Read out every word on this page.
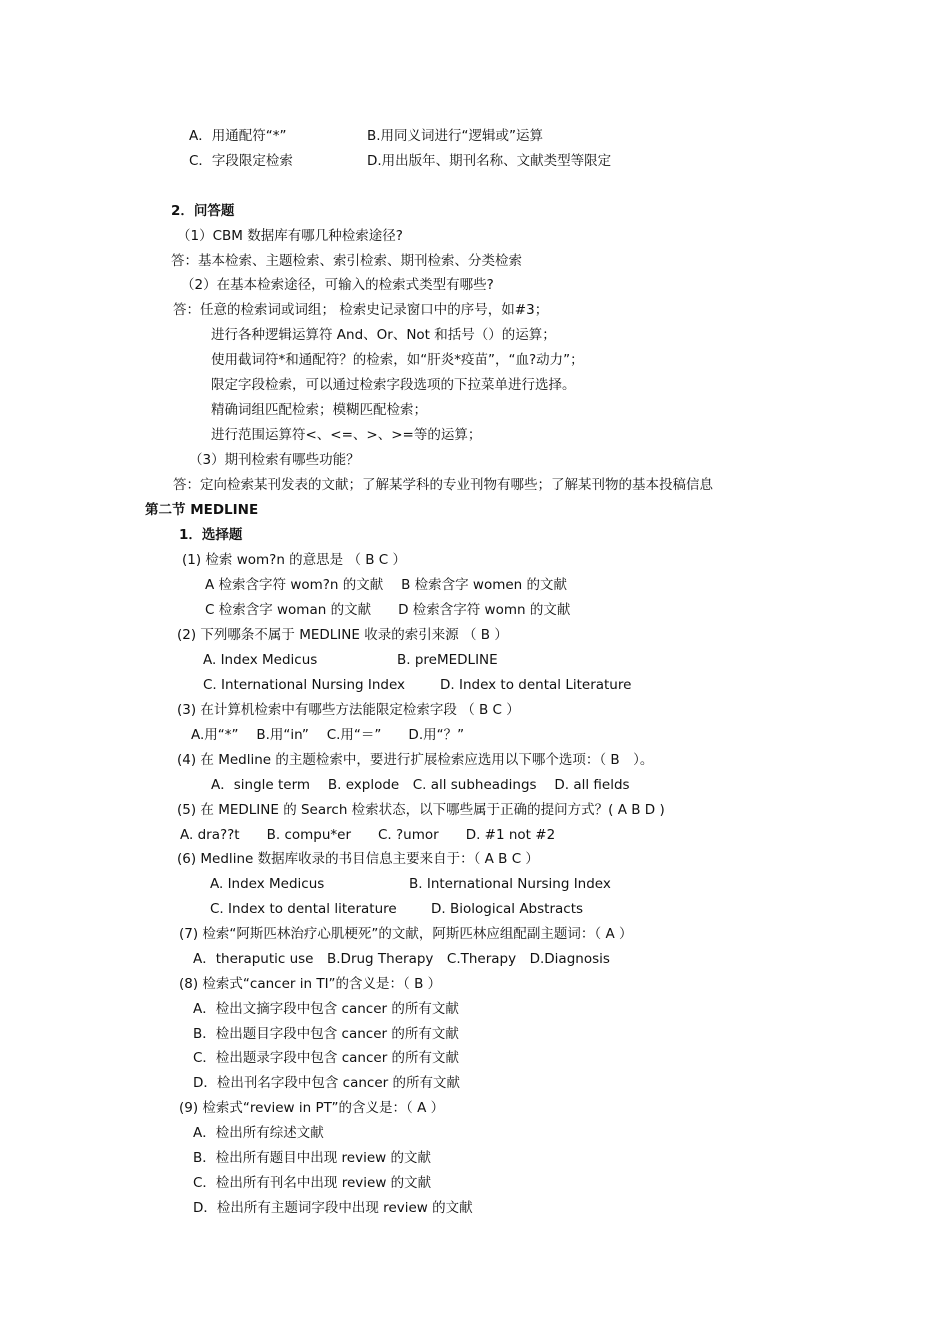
A．用通配符“*”	B.用同义词进行“逻辑或”运算
C．字段限定检索	D.用出版年、期刊名称、文献类型等限定
2．问答题
（1）CBM 数据库有哪几种检索途径?
答：基本检索、主题检索、索引检索、期刊检索、分类检索
（2）在基本检索途径，可输入的检索式类型有哪些?
答：任意的检索词或词组； 检索史记录窗口中的序号，如#3；
进行各种逻辑运算符 And、Or、Not 和括号（）的运算；
使用截词符*和通配符？的检索，如“肝炎*疫苗”，“血?动力”；
限定字段检索，可以通过检索字段选项的下拉菜单进行选择。
精确词组匹配检索；模糊匹配检索；
进行范围运算符<、<=、>、>=等的运算；
（3）期刊检索有哪些功能？
答：定向检索某刊发表的文献；了解某学科的专业刊物有哪些；了解某刊物的基本投稿信息
第二节 MEDLINE
1．选择题
(1) 检索 wom?n 的意思是 （ B C ）
A 检索含字符 wom?n 的文献　 B 检索含字 women 的文献
C 检索含字 woman 的文献　　D 检索含字符 womn 的文献
(2) 下列哪条不属于 MEDLINE 收录的索引来源 （ B ）
A. Index Medicus	B. preMEDLINE
C. International Nursing Index	D. Index to dental Literature
(3) 在计算机检索中有哪些方法能限定检索字段 （ B C ）
A.用“*”　 B.用“in”　 C.用“＝”　　D.用“？”
(4) 在 Medline 的主题检索中，要进行扩展检索应选用以下哪个选项：（ B　）。
A．single term　 B. explode　C. all subheadings　 D. all fields
(5) 在 MEDLINE 的 Search 检索状态，以下哪些属于正确的提问方式？( A B D )
A. dra??t　　B. compu*er　　C. ?umor　　D. #1 not #2
(6) Medline 数据库收录的书目信息主要来自于：（ A B C ）
A. Index Medicus	B. International Nursing Index
C. Index to dental literature	D. Biological Abstracts
(7) 检索“阿斯匹林治疗心肌梗死”的文献，阿斯匹林应组配副主题词：（ A ）
A．theraputic use　B.Drug Therapy　C.Therapy　D.Diagnosis
(8) 检索式“cancer in TI”的含义是：（ B ）
A．检出文摘字段中包含 cancer 的所有文献
B．检出题目字段中包含 cancer 的所有文献
C．检出题录字段中包含 cancer 的所有文献
D．检出刊名字段中包含 cancer 的所有文献
(9) 检索式“review in PT”的含义是：（ A ）
A．检出所有综述文献
B．检出所有题目中出现 review 的文献
C．检出所有刊名中出现 review 的文献
D．检出所有主题词字段中出现 review 的文献
